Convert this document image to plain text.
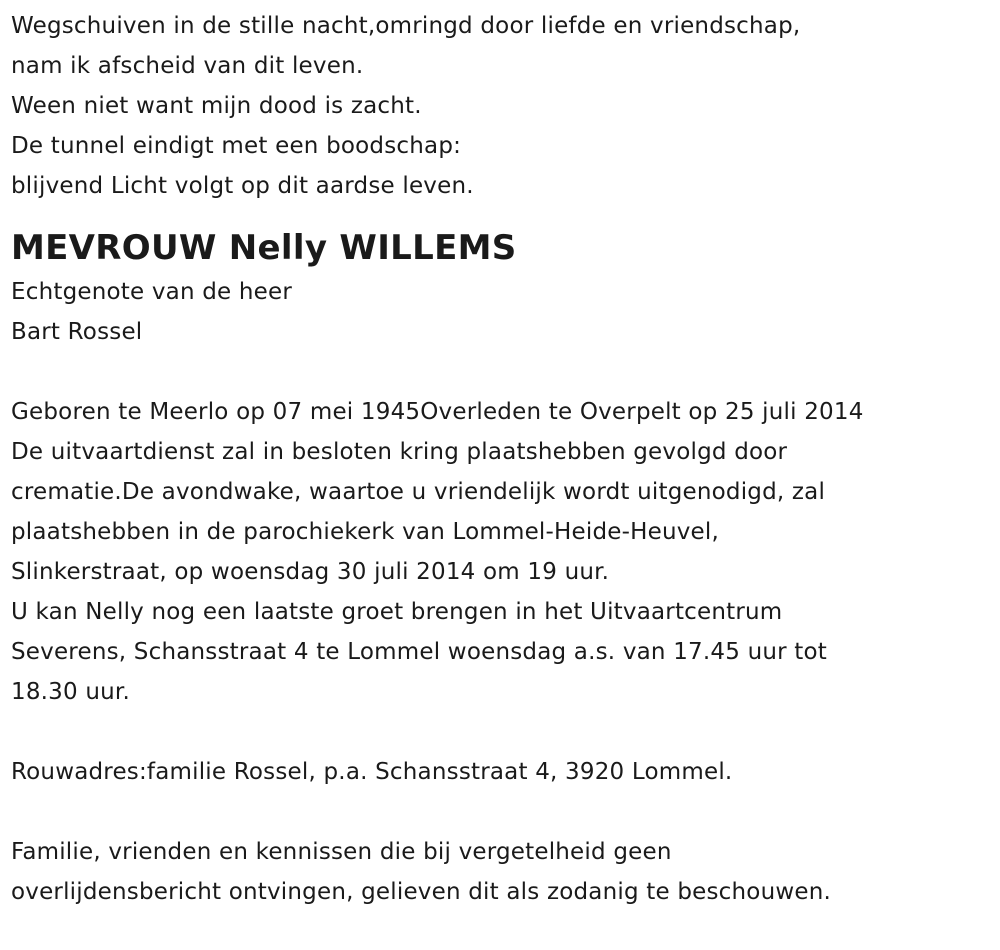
Wegschuiven in de stille nacht,omringd door liefde en vriendschap,
nam ik afscheid van dit leven.
Ween niet want mijn dood is zacht.
De tunnel eindigt met een boodschap:
blijvend Licht volgt op dit aardse leven.
MEVROUW Nelly WILLEMS
Echtgenote van de heer
Bart Rossel
Geboren te Meerlo op 07 mei 1945Overleden te Overpelt op 25 juli 2014
De uitvaartdienst zal in besloten kring plaatshebben gevolgd door
crematie.De avondwake, waartoe u vriendelijk wordt uitgenodigd, zal
plaatshebben in de parochiekerk van Lommel-Heide-Heuvel,
Slinkerstraat, op woensdag 30 juli 2014 om 19 uur.
U kan Nelly nog een laatste groet brengen in het Uitvaartcentrum
Severens, Schansstraat 4 te Lommel woensdag a.s. van 17.45 uur tot
18.30 uur.
Rouwadres:familie Rossel, p.a. Schansstraat 4, 3920 Lommel.
Familie, vrienden en kennissen die bij vergetelheid geen
overlijdensbericht ontvingen, gelieven dit als zodanig te beschouwen.
